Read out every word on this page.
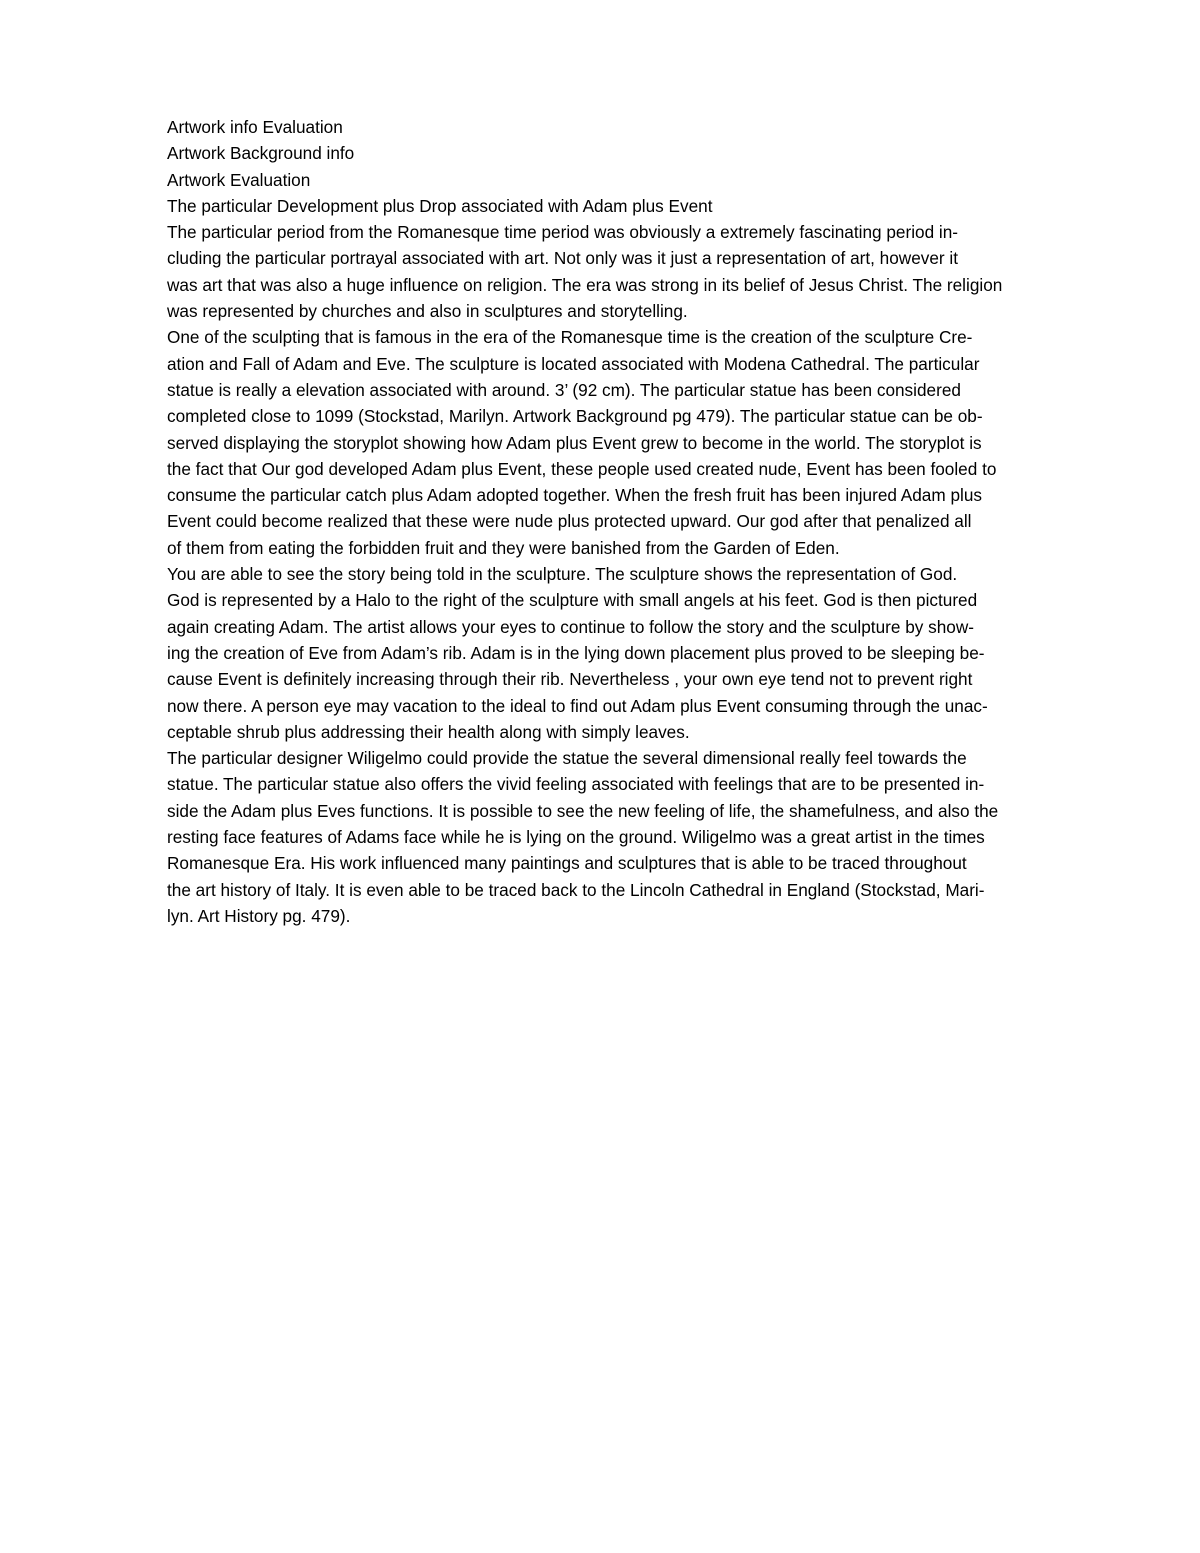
Artwork info Evaluation
Artwork Background info
Artwork Evaluation
The particular Development plus Drop associated with Adam plus Event
The particular period from the Romanesque time period was obviously a extremely fascinating period in-
cluding the particular portrayal associated with art. Not only was it just a representation of art, however it
was art that was also a huge influence on religion. The era was strong in its belief of Jesus Christ. The religion
was represented by churches and also in sculptures and storytelling.
One of the sculpting that is famous in the era of the Romanesque time is the creation of the sculpture Cre-
ation and Fall of Adam and Eve. The sculpture is located associated with Modena Cathedral. The particular
statue is really a elevation associated with around. 3’ (92 cm). The particular statue has been considered
completed close to 1099 (Stockstad, Marilyn. Artwork Background pg 479). The particular statue can be ob-
served displaying the storyplot showing how Adam plus Event grew to become in the world. The storyplot is
the fact that Our god developed Adam plus Event, these people used created nude, Event has been fooled to
consume the particular catch plus Adam adopted together. When the fresh fruit has been injured Adam plus
Event could become realized that these were nude plus protected upward. Our god after that penalized all
of them from eating the forbidden fruit and they were banished from the Garden of Eden.
You are able to see the story being told in the sculpture. The sculpture shows the representation of God.
God is represented by a Halo to the right of the sculpture with small angels at his feet. God is then pictured
again creating Adam. The artist allows your eyes to continue to follow the story and the sculpture by show-
ing the creation of Eve from Adam’s rib. Adam is in the lying down placement plus proved to be sleeping be-
cause Event is definitely increasing through their rib. Nevertheless , your own eye tend not to prevent right
now there. A person eye may vacation to the ideal to find out Adam plus Event consuming through the unac-
ceptable shrub plus addressing their health along with simply leaves.
The particular designer Wiligelmo could provide the statue the several dimensional really feel towards the
statue. The particular statue also offers the vivid feeling associated with feelings that are to be presented in-
side the Adam plus Eves functions. It is possible to see the new feeling of life, the shamefulness, and also the
resting face features of Adams face while he is lying on the ground. Wiligelmo was a great artist in the times
Romanesque Era. His work influenced many paintings and sculptures that is able to be traced throughout
the art history of Italy. It is even able to be traced back to the Lincoln Cathedral in England (Stockstad, Mari-
lyn. Art History pg. 479).
